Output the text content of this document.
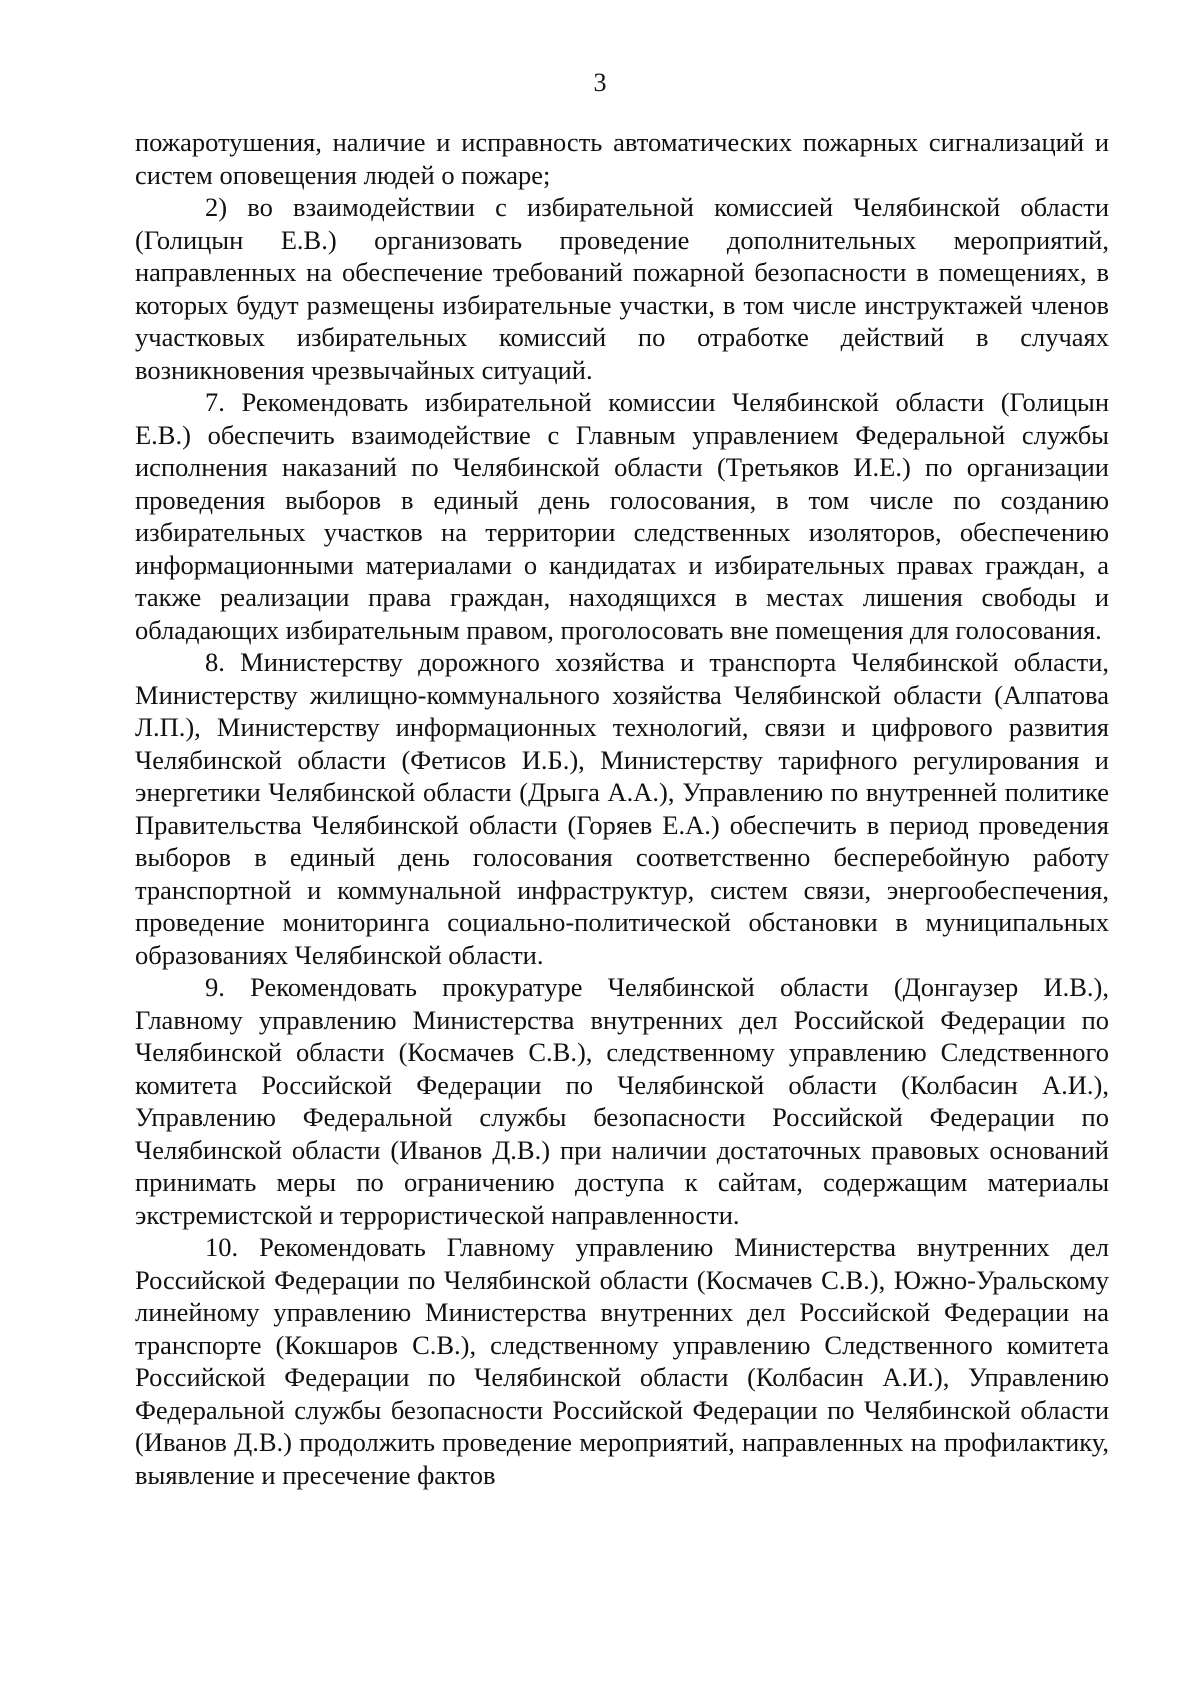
3

пожаротушения, наличие и исправность автоматических пожарных сигнализаций и систем оповещения людей о пожаре;

2) во взаимодействии с избирательной комиссией Челябинской области (Голицын Е.В.) организовать проведение дополнительных мероприятий, направленных на обеспечение требований пожарной безопасности в помещениях, в которых будут размещены избирательные участки, в том числе инструктажей членов участковых избирательных комиссий по отработке действий в случаях возникновения чрезвычайных ситуаций.

7. Рекомендовать избирательной комиссии Челябинской области (Голицын Е.В.) обеспечить взаимодействие с Главным управлением Федеральной службы исполнения наказаний по Челябинской области (Третьяков И.Е.) по организации проведения выборов в единый день голосования, в том числе по созданию избирательных участков на территории следственных изоляторов, обеспечению информационными материалами о кандидатах и избирательных правах граждан, а также реализации права граждан, находящихся в местах лишения свободы и обладающих избирательным правом, проголосовать вне помещения для голосования.

8. Министерству дорожного хозяйства и транспорта Челябинской области, Министерству жилищно-коммунального хозяйства Челябинской области (Алпатова Л.П.), Министерству информационных технологий, связи и цифрового развития Челябинской области (Фетисов И.Б.), Министерству тарифного регулирования и энергетики Челябинской области (Дрыга А.А.), Управлению по внутренней политике Правительства Челябинской области (Горяев Е.А.) обеспечить в период проведения выборов в единый день голосования соответственно бесперебойную работу транспортной и коммунальной инфраструктур, систем связи, энергообеспечения, проведение мониторинга социально-политической обстановки в муниципальных образованиях Челябинской области.

9. Рекомендовать прокуратуре Челябинской области (Донгаузер И.В.), Главному управлению Министерства внутренних дел Российской Федерации по Челябинской области (Космачев С.В.), следственному управлению Следственного комитета Российской Федерации по Челябинской области (Колбасин А.И.), Управлению Федеральной службы безопасности Российской Федерации по Челябинской области (Иванов Д.В.) при наличии достаточных правовых оснований принимать меры по ограничению доступа к сайтам, содержащим материалы экстремистской и террористической направленности.

10. Рекомендовать Главному управлению Министерства внутренних дел Российской Федерации по Челябинской области (Космачев С.В.), Южно-Уральскому линейному управлению Министерства внутренних дел Российской Федерации на транспорте (Кокшаров С.В.), следственному управлению Следственного комитета Российской Федерации по Челябинской области (Колбасин А.И.), Управлению Федеральной службы безопасности Российской Федерации по Челябинской области (Иванов Д.В.) продолжить проведение мероприятий, направленных на профилактику, выявление и пресечение фактов
